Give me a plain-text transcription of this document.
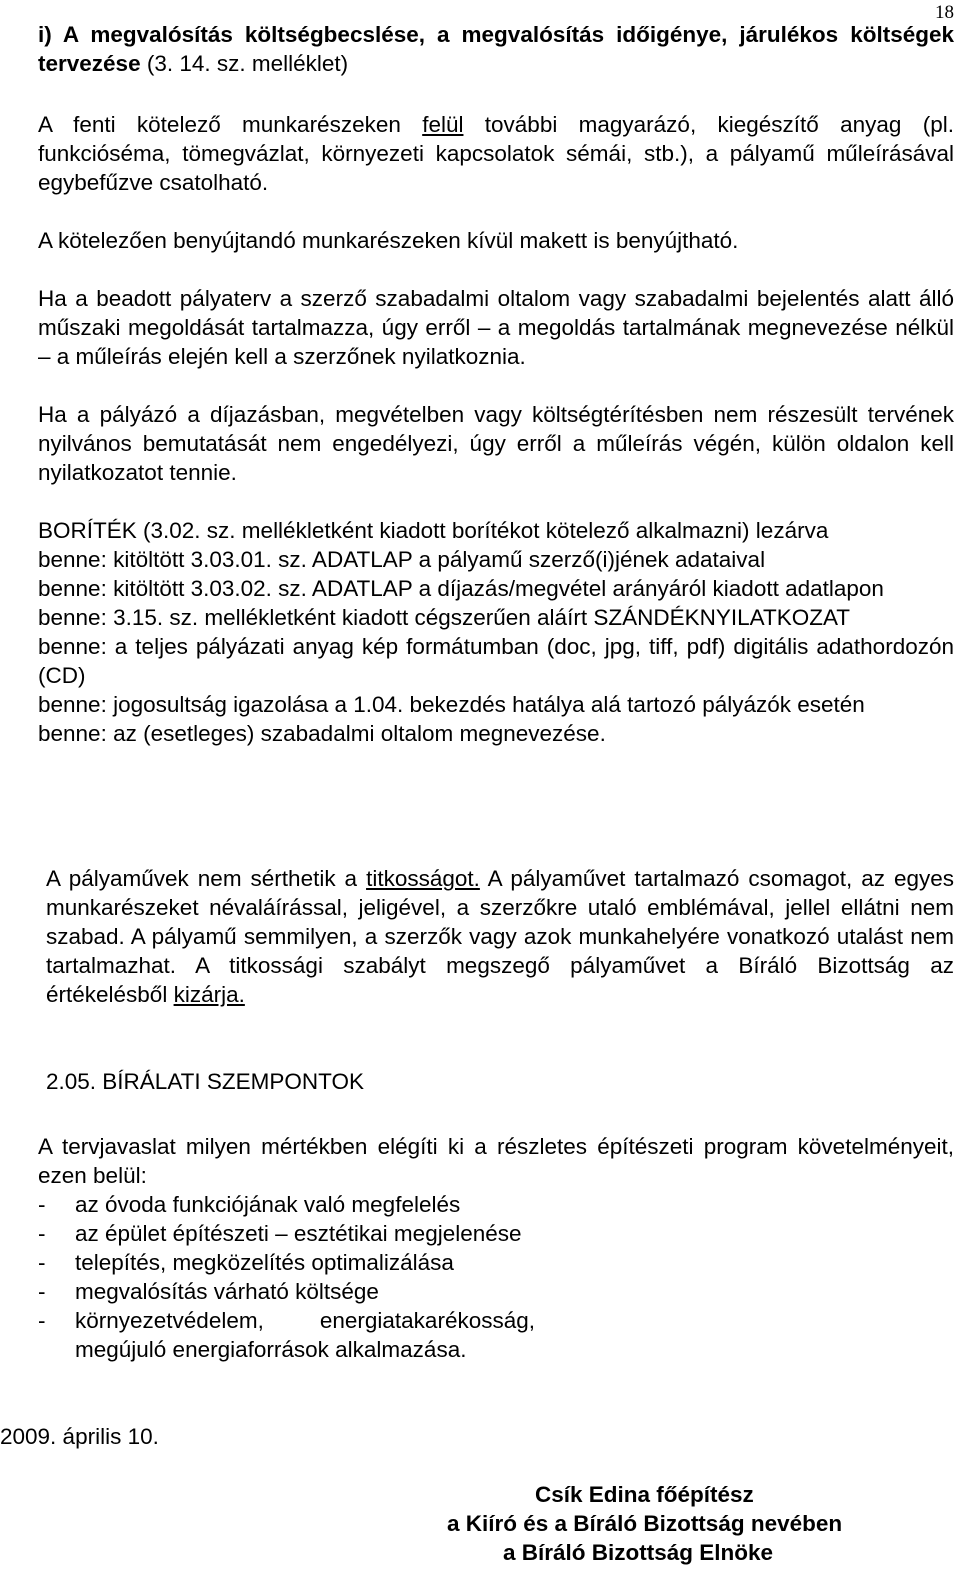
18

i) A megvalósítás költségbecslése, a megvalósítás időigénye, járulékos költségek tervezése (3. 14. sz. melléklet)

A fenti kötelező munkarészeken felül további magyarázó, kiegészítő anyag (pl. funkcióséma, tömegvázlat, környezeti kapcsolatok sémái, stb.), a pályamű műleírásával egybefűzve csatolható.

A kötelezően benyújtandó munkarészeken kívül makett is benyújtható.

Ha a beadott pályaterv a szerző szabadalmi oltalom vagy szabadalmi bejelentés alatt álló műszaki megoldását tartalmazza, úgy erről – a megoldás tartalmának megnevezése nélkül – a műleírás elején kell a szerzőnek nyilatkoznia.

Ha a pályázó a díjazásban, megvételben vagy költségtérítésben nem részesült tervének nyilvános bemutatását nem engedélyezi, úgy erről a műleírás végén, külön oldalon kell nyilatkozatot tennie.

BORÍTÉK (3.02. sz. mellékletként kiadott borítékot kötelező alkalmazni) lezárva
benne: kitöltött 3.03.01. sz. ADATLAP a pályamű szerző(i)jének adataival
benne: kitöltött 3.03.02. sz. ADATLAP a díjazás/megvétel arányáról kiadott adatlapon
benne: 3.15. sz. mellékletként kiadott cégszerűen aláírt SZÁNDÉKNYILATKOZAT
benne: a teljes pályázati anyag kép formátumban (doc, jpg, tiff, pdf) digitális adathordozón (CD)
benne: jogosultság igazolása a 1.04. bekezdés hatálya alá tartozó pályázók esetén
benne: az (esetleges) szabadalmi oltalom megnevezése.

A pályaművek nem sérthetik a titkosságot. A pályaművet tartalmazó csomagot, az egyes munkarészeket névaláírással, jeligével, a szerzőkre utaló emblémával, jellel ellátni nem szabad. A pályamű semmilyen, a szerzők vagy azok munkahelyére vonatkozó utalást nem tartalmazhat. A titkossági szabályt megszegő pályaművet a Bíráló Bizottság az értékelésből kizárja.

2.05. BÍRÁLATI SZEMPONTOK

A tervjavaslat milyen mértékben elégíti ki a részletes építészeti program követelményeit, ezen belül:
- az óvoda funkciójának való megfelelés
- az épület építészeti – esztétikai megjelenése
- telepítés, megközelítés optimalizálása
- megvalósítás várható költsége
- környezetvédelem, energiatakarékosság, megújuló energiaforrások alkalmazása.
2009. április 10.
Csík Edina főépítész
a Kiíró és a Bíráló Bizottság nevében
a Bíráló Bizottság Elnöke
